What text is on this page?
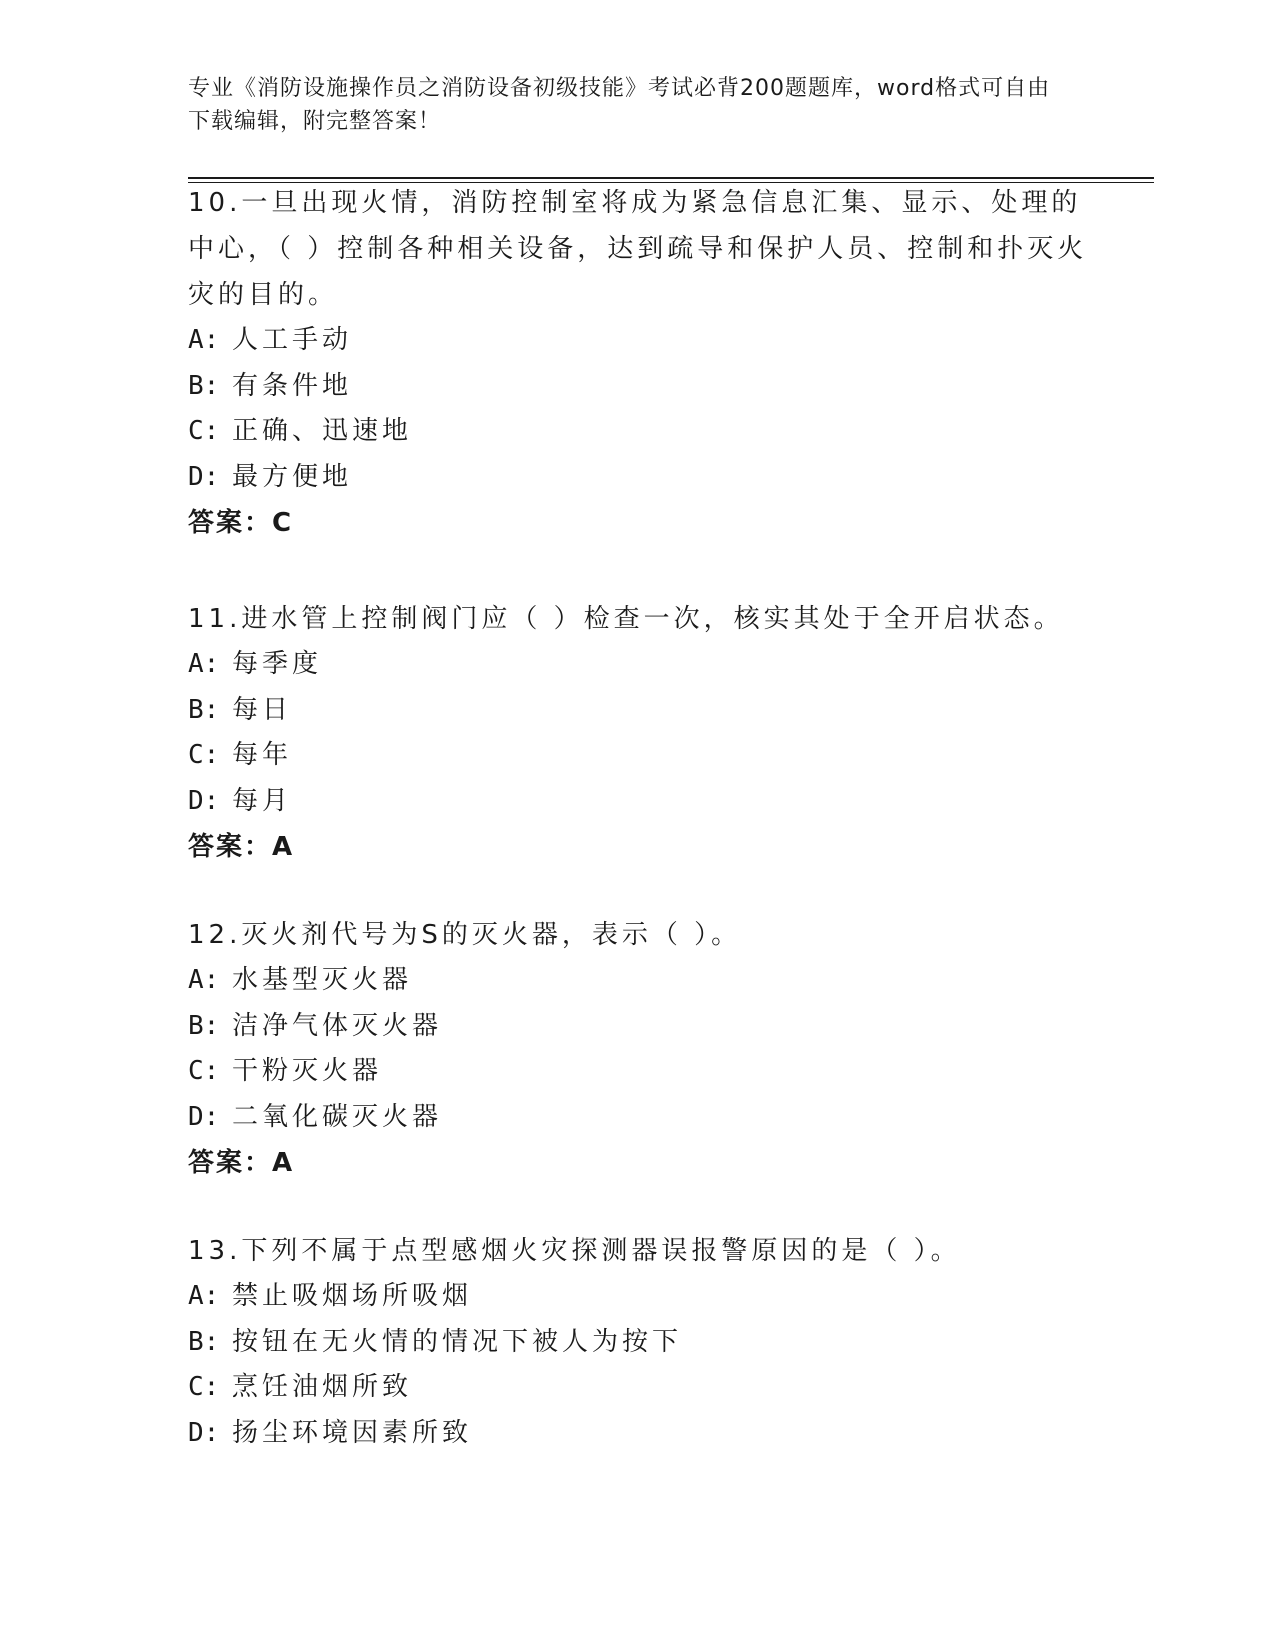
专业《消防设施操作员之消防设备初级技能》考试必背200题题库，word格式可自由下载编辑，附完整答案！
10.一旦出现火情，消防控制室将成为紧急信息汇集、显示、处理的中心，（ ）控制各种相关设备，达到疏导和保护人员、控制和扑灭火灾的目的。
A: 人工手动
B: 有条件地
C: 正确、迅速地
D: 最方便地
答案：C
11.进水管上控制阀门应（ ）检查一次，核实其处于全开启状态。
A: 每季度
B: 每日
C: 每年
D: 每月
答案：A
12.灭火剂代号为S的灭火器，表示（ ）。
A: 水基型灭火器
B: 洁净气体灭火器
C: 干粉灭火器
D: 二氧化碳灭火器
答案：A
13.下列不属于点型感烟火灾探测器误报警原因的是（ ）。
A: 禁止吸烟场所吸烟
B: 按钮在无火情的情况下被人为按下
C: 烹饪油烟所致
D: 扬尘环境因素所致
